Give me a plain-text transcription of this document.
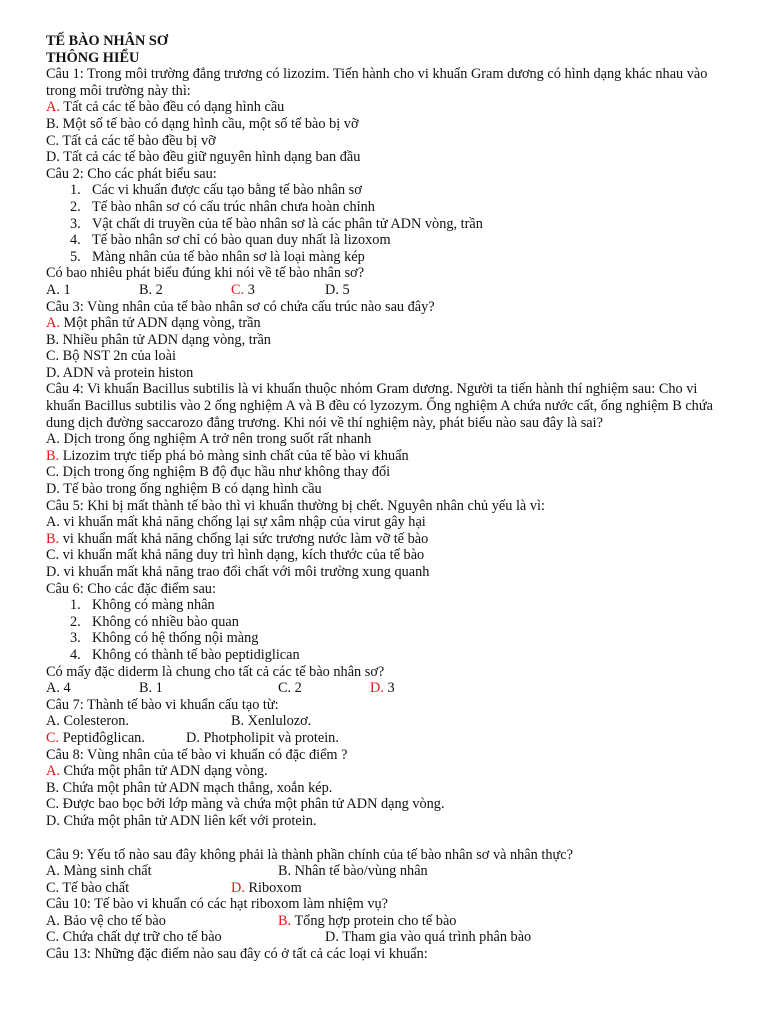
TẾ BÀO NHÂN SƠ
THÔNG HIỂU
Câu 1: Trong môi trường đẳng trương có lizozim. Tiến hành cho vi khuẩn Gram dương có hình dạng khác nhau vào trong môi trường này thì:
A. Tất cả các tế bào đều có dạng hình cầu
B. Một số tế bào có dạng hình cầu, một số tế bào bị vỡ
C. Tất cả các tế bào đều bị vỡ
D. Tất cả các tế bào đều giữ nguyên hình dạng ban đầu
Câu 2: Cho các phát biểu sau:
1. Các vi khuẩn được cấu tạo bằng tế bào nhân sơ
2. Tế bào nhân sơ có cấu trúc nhân chưa hoàn chỉnh
3. Vật chất di truyền của tế bào nhân sơ là các phân tử ADN vòng, trần
4. Tế bào nhân sơ chỉ có bào quan duy nhất là lizoxom
5. Màng nhân của tế bào nhân sơ là loại màng kép
Có bao nhiêu phát biểu đúng khi nói về tế bào nhân sơ?
A. 1	B. 2	C. 3	D. 5
Câu 3: Vùng nhân của tế bào nhân sơ có chứa cấu trúc nào sau đây?
A. Một phân tử ADN dạng vòng, trần
B. Nhiều phân tử ADN dạng vòng, trần
C. Bộ NST 2n của loài
D. ADN và protein histon
Câu 4: Vi khuẩn Bacillus subtilis là vi khuẩn thuộc nhóm Gram dương. Người ta tiến hành thí nghiệm sau: Cho vi khuẩn Bacillus subtilis vào 2 ống nghiệm A và B đều có lyzozym. Ống nghiệm A chứa nước cất, ống nghiệm B chứa dung dịch đường saccarozo đẳng trương. Khi nói về thí nghiệm này, phát biểu nào sau đây là sai?
A. Dịch trong ống nghiệm A trở nên trong suốt rất nhanh
B. Lizozim trực tiếp phá bỏ màng sinh chất của tế bào vi khuẩn
C. Dịch trong ống nghiệm B độ đục hầu như không thay đổi
D. Tế bào trong ống nghiệm B có dạng hình cầu
Câu 5: Khi bị mất thành tế bào thì vi khuẩn thường bị chết. Nguyên nhân chủ yếu là vì:
A. vi khuẩn mất khả năng chống lại sự xâm nhập của virut gây hại
B. vi khuẩn mất khả năng chống lại sức trương nước làm vỡ tế bào
C. vi khuẩn mất khả năng duy trì hình dạng, kích thước của tế bào
D. vi khuẩn mất khả năng trao đổi chất với môi trường xung quanh
Câu 6: Cho các đặc điểm sau:
1. Không có màng nhân
2. Không có nhiều bào quan
3. Không có hệ thống nội màng
4. Không có thành tế bào peptidiglican
Có mấy đặc diderm là chung cho tất cả các tế bào nhân sơ?
A. 4	B. 1	C. 2	D. 3
Câu 7: Thành tế bào vi khuẩn cấu tạo từ:
A. Colesteron.	B. Xenlulozơ.
C. Peptiđôglican.	D. Photpholipit và protein.
Câu 8: Vùng nhân của tế bào vi khuẩn có đặc điểm ?
A. Chứa một phân tử ADN dạng vòng.
B. Chứa một phân tử ADN mạch thẳng, xoắn kép.
C. Được bao bọc bởi lớp màng và chứa một phân tử ADN dạng vòng.
D. Chứa một phân tử ADN liên kết với protein.
Câu 9: Yếu tố nào sau đây không phải là thành phần chính của tế bào nhân sơ và nhân thực?
A. Màng sinh chất	B. Nhân tế bào/vùng nhân
C. Tế bào chất	D. Riboxom
Câu 10: Tế bào vi khuẩn có các hạt riboxom làm nhiệm vụ?
A. Bảo vệ cho tế bào	B. Tổng hợp protein cho tế bào
C. Chứa chất dự trữ cho tế bào	D. Tham gia vào quá trình phân bào
Câu 13: Những đặc điểm nào sau đây có ở tất cả các loại vi khuẩn:
